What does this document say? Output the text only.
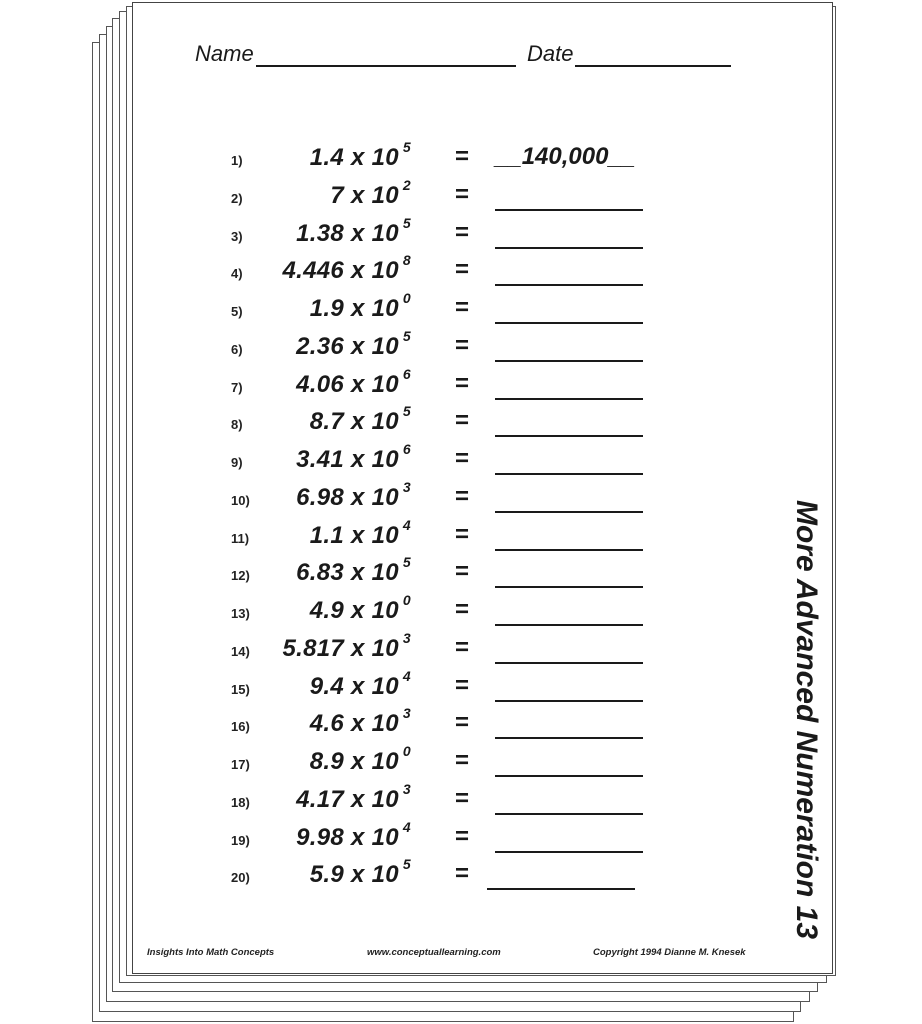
Name	Date
1)	1.4 x 10 $^5$ = __140,000__
2)	7 x 10 $^2$ =
3) 1.38 x 10 $^5$ =
4) 4.446 x 10 $^8$ =
5)	1.9 x 10 $^0$ =
6) 2.36 x 10 $^5$ =
7) 4.06 x 10 $^6$ =
8)	8.7 x 10 $^5$ =
9) 3.41 x 10 $^6$ =
10) 6.98 x 10 $^3$ =
11)	1.1 x 10 $^4$ =
12) 6.83 x 10 $^5$ =
13) 4.9 x 10 $^0$ =
14) 5.817 x 10 $^3$ =
15) 9.4 x 10 $^4$ =
16) 4.6 x 10 $^3$ =
17) 8.9 x 10 $^0$ =
18) 4.17 x 10 $^3$ =
19) 9.98 x 10 $^4$ =
20) 5.9 x 10 $^5$ =
Insights Into Math Concepts	www.conceptuallearning.com	Copyright 1994 Dianne M. Knesek
More Advanced Numeration 13
